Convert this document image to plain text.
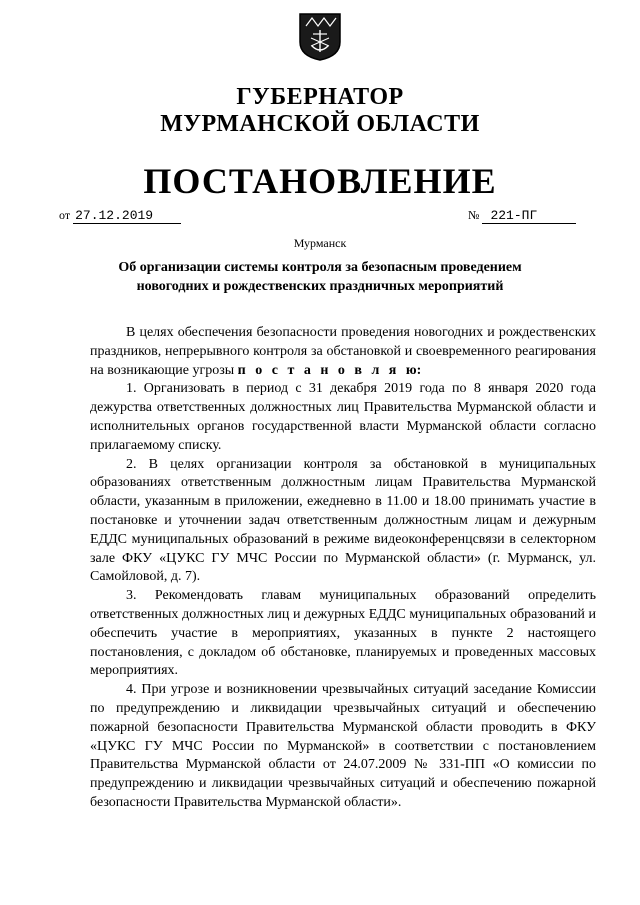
ГУБЕРНАТОР
МУРМАНСКОЙ ОБЛАСТИ
ПОСТАНОВЛЕНИЕ
от 27.12.2019	№ 221-ПГ
Мурманск
Об организации системы контроля за безопасным проведением
новогодних и рождественских праздничных мероприятий

В целях обеспечения безопасности проведения новогодних и рождественских праздников, непрерывного контроля за обстановкой и своевременного реагирования на возникающие угрозы п о с т а н о в л я ю:

1. Организовать в период с 31 декабря 2019 года по 8 января 2020 года дежурства ответственных должностных лиц Правительства Мурманской области и исполнительных органов государственной власти Мурманской области согласно прилагаемому списку.

2. В целях организации контроля за обстановкой в муниципальных образованиях ответственным должностным лицам Правительства Мурманской области, указанным в приложении, ежедневно в 11.00 и 18.00 принимать участие в постановке и уточнении задач ответственным должностным лицам и дежурным ЕДДС муниципальных образований в режиме видеоконференцсвязи в селекторном зале ФКУ «ЦУКС ГУ МЧС России по Мурманской области» (г. Мурманск, ул. Самойловой, д. 7).

3. Рекомендовать главам муниципальных образований определить ответственных должностных лиц и дежурных ЕДДС муниципальных образований и обеспечить участие в мероприятиях, указанных в пункте 2 настоящего постановления, с докладом об обстановке, планируемых и проведенных массовых мероприятиях.

4. При угрозе и возникновении чрезвычайных ситуаций заседание Комиссии по предупреждению и ликвидации чрезвычайных ситуаций и обеспечению пожарной безопасности Правительства Мурманской области проводить в ФКУ «ЦУКС ГУ МЧС России по Мурманской» в соответствии с постановлением Правительства Мурманской области от 24.07.2009 № 331-ПП «О комиссии по предупреждению и ликвидации чрезвычайных ситуаций и обеспечению пожарной безопасности Правительства Мурманской области».
